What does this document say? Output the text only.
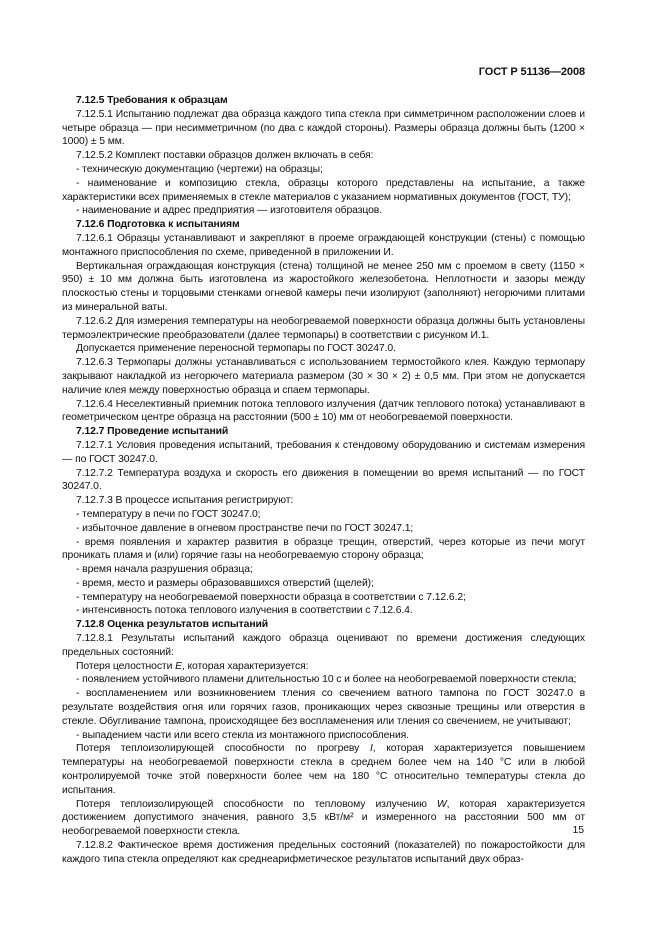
ГОСТ Р 51136—2008

7.12.5 Требования к образцам

7.12.5.1 Испытанию подлежат два образца каждого типа стекла при симметричном расположении слоев и четыре образца — при несимметричном (по два с каждой стороны). Размеры образца должны быть (1200 × 1000) ± 5 мм.

7.12.5.2 Комплект поставки образцов должен включать в себя:

- техническую документацию (чертежи) на образцы;

- наименование и композицию стекла, образцы которого представлены на испытание, а также характеристики всех применяемых в стекле материалов с указанием нормативных документов (ГОСТ, ТУ);

- наименование и адрес предприятия — изготовителя образцов.

7.12.6 Подготовка к испытаниям

7.12.6.1 Образцы устанавливают и закрепляют в проеме ограждающей конструкции (стены) с помощью монтажного приспособления по схеме, приведенной в приложении И.

Вертикальная ограждающая конструкция (стена) толщиной не менее 250 мм с проемом в свету (1150 × 950) ± 10 мм должна быть изготовлена из жаростойкого железобетона. Неплотности и зазоры между плоскостью стены и торцовыми стенками огневой камеры печи изолируют (заполняют) негорючими плитами из минеральной ваты.

7.12.6.2 Для измерения температуры на необогреваемой поверхности образца должны быть установлены термоэлектрические преобразователи (далее термопары) в соответствии с рисунком И.1.

Допускается применение переносной термопары по ГОСТ 30247.0.

7.12.6.3 Термопары должны устанавливаться с использованием термостойкого клея. Каждую термопару закрывают накладкой из негорючего материала размером (30 × 30 × 2) ± 0,5 мм. При этом не допускается наличие клея между поверхностью образца и спаем термопары.

7.12.6.4 Неселективный приемник потока теплового излучения (датчик теплового потока) устанавливают в геометрическом центре образца на расстоянии (500 ± 10) мм от необогреваемой поверхности.

7.12.7 Проведение испытаний

7.12.7.1 Условия проведения испытаний, требования к стендовому оборудованию и системам измерения — по ГОСТ 30247.0.

7.12.7.2 Температура воздуха и скорость его движения в помещении во время испытаний — по ГОСТ 30247.0.

7.12.7.3 В процессе испытания регистрируют:

- температуру в печи по ГОСТ 30247.0;

- избыточное давление в огневом пространстве печи по ГОСТ 30247.1;

- время появления и характер развития в образце трещин, отверстий, через которые из печи могут проникать пламя и (или) горячие газы на необогреваемую сторону образца;

- время начала разрушения образца;

- время, место и размеры образовавшихся отверстий (щелей);

- температуру на необогреваемой поверхности образца в соответствии с 7.12.6.2;

- интенсивность потока теплового излучения в соответствии с 7.12.6.4.

7.12.8 Оценка результатов испытаний

7.12.8.1 Результаты испытаний каждого образца оценивают по времени достижения следующих предельных состояний:

Потеря целостности E, которая характеризуется:

- появлением устойчивого пламени длительностью 10 с и более на необогреваемой поверхности стекла;

- воспламенением или возникновением тления со свечением ватного тампона по ГОСТ 30247.0 в результате воздействия огня или горячих газов, проникающих через сквозные трещины или отверстия в стекле. Обугливание тампона, происходящее без воспламенения или тления со свечением, не учитывают;

- выпадением части или всего стекла из монтажного приспособления.

Потеря теплоизолирующей способности по прогреву I, которая характеризуется повышением температуры на необогреваемой поверхности стекла в среднем более чем на 140 °С или в любой контролируемой точке этой поверхности более чем на 180 °С относительно температуры стекла до испытания.

Потеря теплоизолирующей способности по тепловому излучению W, которая характеризуется достижением допустимого значения, равного 3,5 кВт/м² и измеренного на расстоянии 500 мм от необогреваемой поверхности стекла.

7.12.8.2 Фактическое время достижения предельных состояний (показателей) по пожаростойкости для каждого типа стекла определяют как среднеарифметическое результатов испытаний двух образ-

15
